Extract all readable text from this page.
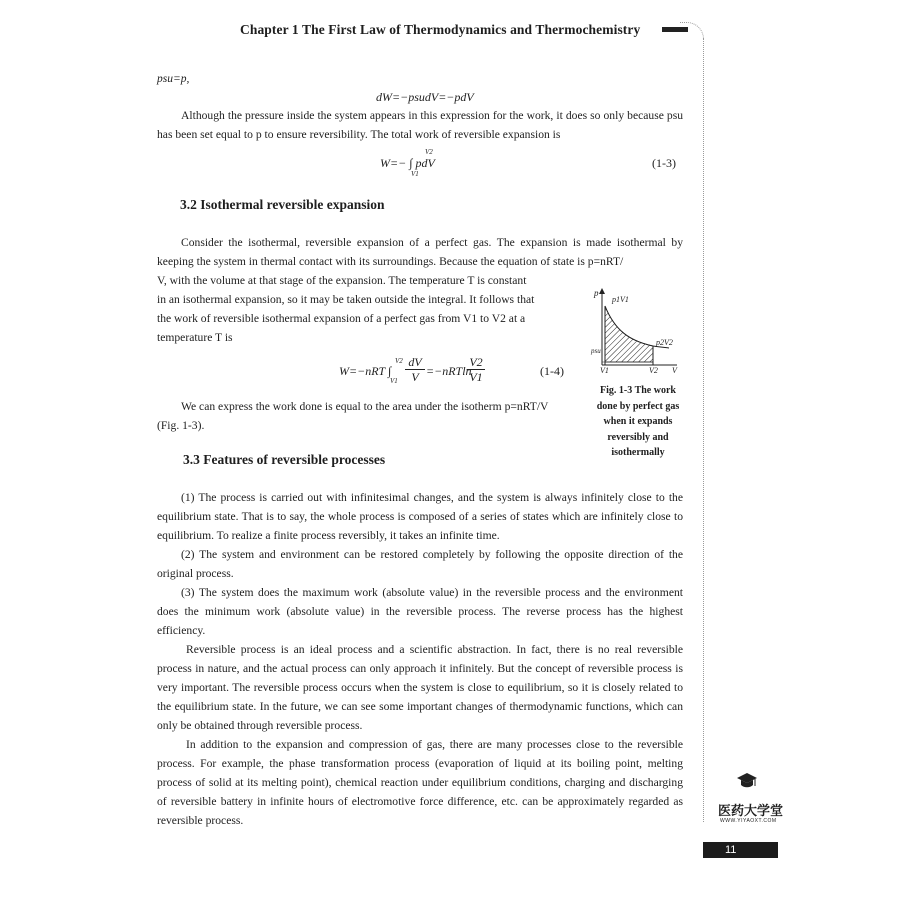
Chapter 1 The First Law of Thermodynamics and Thermochemistry
psu=p,
dW=−psudV=−pdV
Although the pressure inside the system appears in this expression for the work, it does so only because psu has been set equal to p to ensure reversibility. The total work of reversible expansion is
W=− ∫ pdV
V2
V1
(1-3)
3.2 Isothermal reversible expansion
Consider the isothermal, reversible expansion of a perfect gas. The expansion is made isothermal by keeping the system in thermal contact with its surroundings. Because the equation of state is p=nRT/
V, with the volume at that stage of the expansion. The temperature T is constant
in an isothermal expansion, so it may be taken outside the integral. It follows that
the work of reversible isothermal expansion of a perfect gas from V1 to V2 at a
temperature T is
W=−nRT ∫
V2
V1
dV
V =−nRTln
V2
V1	(1-4)
We can express the work done is equal to the area under the isotherm p=nRT/V
(Fig. 1-3).
p
p1V1
p2V2
psu
V1	V2 V
Fig. 1-3 The work
done by perfect gas
when it expands
reversibly and
isothermally
3.3 Features of reversible processes
(1) The process is carried out with infinitesimal changes, and the system is always infinitely close to the equilibrium state. That is to say, the whole process is composed of a series of states which are infinitely close to equilibrium. To realize a finite process reversibly, it takes an infinite time.
(2) The system and environment can be restored completely by following the opposite direction of the original process.
(3) The system does the maximum work (absolute value) in the reversible process and the environment does the minimum work (absolute value) in the reversible process. The reverse process has the highest efficiency.
Reversible process is an ideal process and a scientific abstraction. In fact, there is no real reversible process in nature, and the actual process can only approach it infinitely. But the concept of reversible process is very important. The reversible process occurs when the system is close to equilibrium, so it is closely related to the equilibrium state. In the future, we can see some important changes of thermodynamic functions, which can only be obtained through reversible process.
In addition to the expansion and compression of gas, there are many processes close to the reversible process. For example, the phase transformation process (evaporation of liquid at its boiling point, melting process of solid at its melting point), chemical reaction under equilibrium conditions, charging and discharging of reversible battery in infinite hours of electromotive force difference, etc. can be approximately regarded as reversible process.
医药大学堂
WWW.YIYAOXT.COM
11
